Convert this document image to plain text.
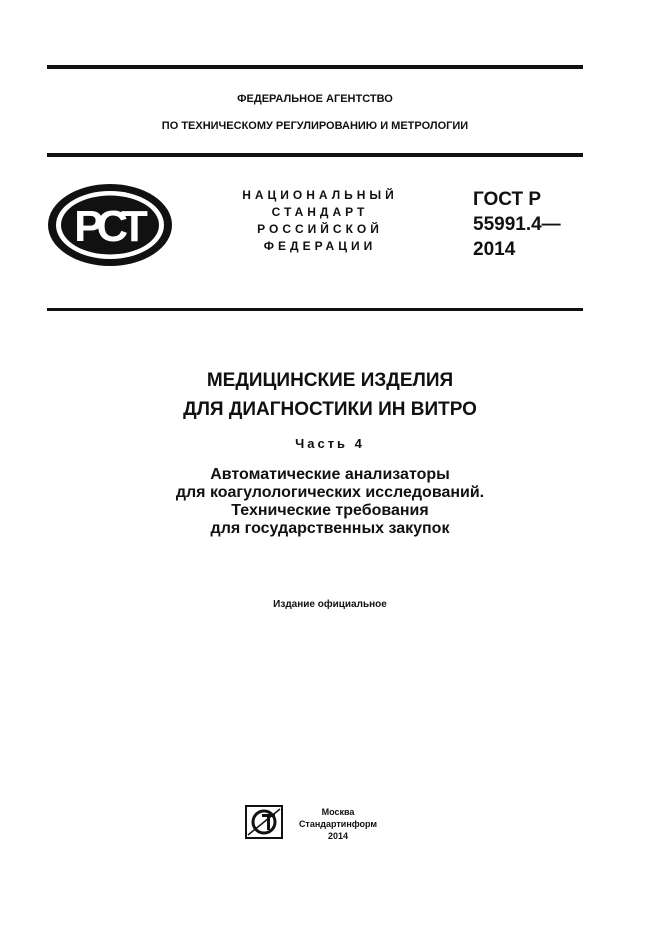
ФЕДЕРАЛЬНОЕ АГЕНТСТВО
ПО ТЕХНИЧЕСКОМУ РЕГУЛИРОВАНИЮ И МЕТРОЛОГИИ
РСТ
НАЦИОНАЛЬНЫЙ
СТАНДАРТ
РОССИЙСКОЙ
ФЕДЕРАЦИИ
ГОСТ Р
55991.4—
2014
МЕДИЦИНСКИЕ ИЗДЕЛИЯ
ДЛЯ ДИАГНОСТИКИ ИН ВИТРО
Часть 4
Автоматические анализаторы
для коагулологических исследований.
Технические требования
для государственных закупок
Издание официальное
Москва
Стандартинформ
2014
